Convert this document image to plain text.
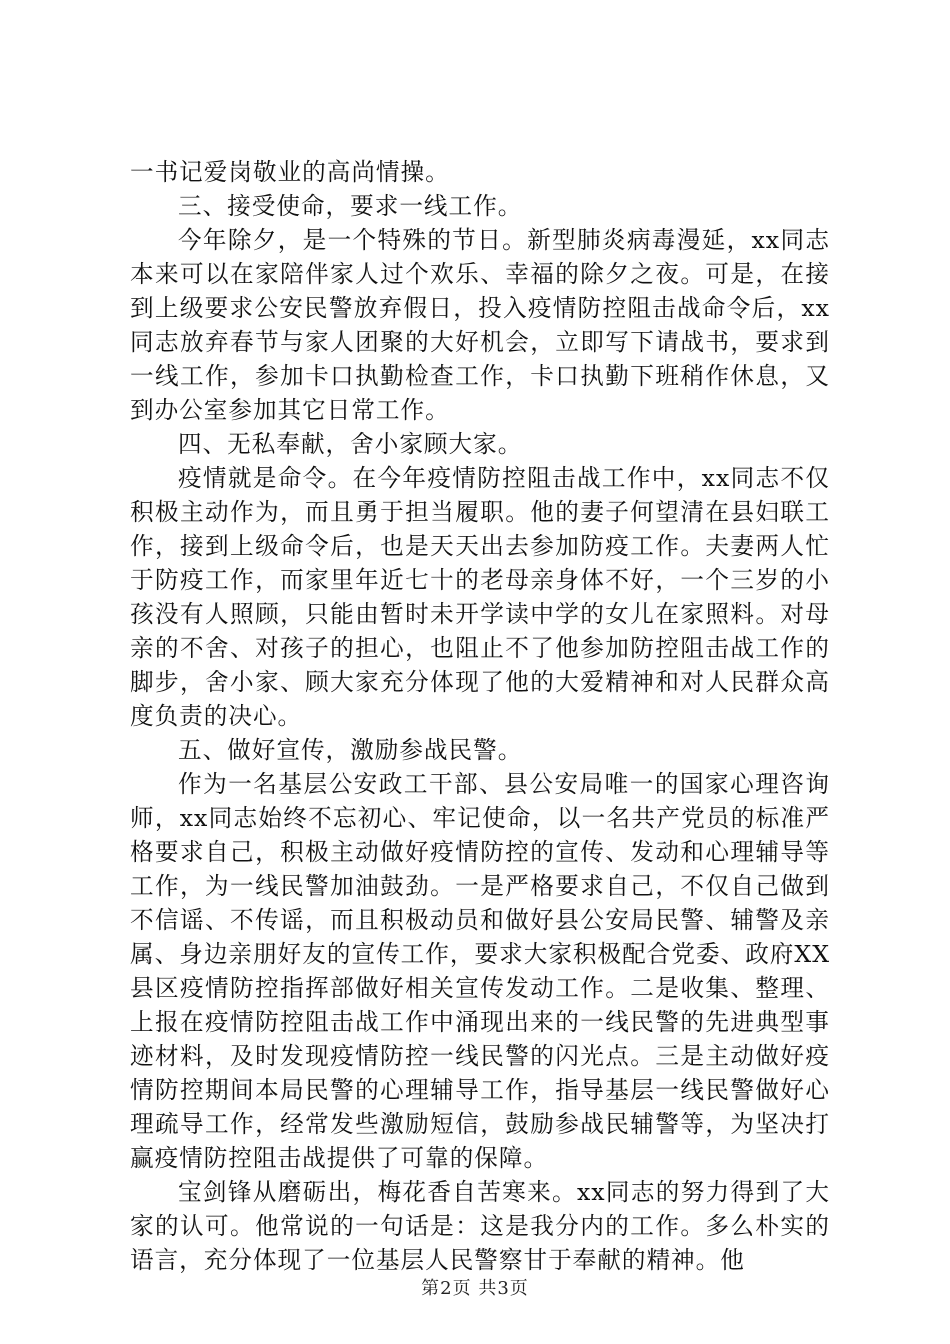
一书记爱岗敬业的高尚情操。

三、接受使命，要求一线工作。

今年除夕，是一个特殊的节日。新型肺炎病毒漫延，xx同志本来可以在家陪伴家人过个欢乐、幸福的除夕之夜。可是，在接到上级要求公安民警放弃假日，投入疫情防控阻击战命令后，xx同志放弃春节与家人团聚的大好机会，立即写下请战书，要求到一线工作，参加卡口执勤检查工作，卡口执勤下班稍作休息，又到办公室参加其它日常工作。

四、无私奉献，舍小家顾大家。

疫情就是命令。在今年疫情防控阻击战工作中，xx同志不仅积极主动作为，而且勇于担当履职。他的妻子何望清在县妇联工作，接到上级命令后，也是天天出去参加防疫工作。夫妻两人忙于防疫工作，而家里年近七十的老母亲身体不好，一个三岁的小孩没有人照顾，只能由暂时未开学读中学的女儿在家照料。对母亲的不舍、对孩子的担心，也阻止不了他参加防控阻击战工作的脚步，舍小家、顾大家充分体现了他的大爱精神和对人民群众高度负责的决心。

五、做好宣传，激励参战民警。

作为一名基层公安政工干部、县公安局唯一的国家心理咨询师，xx同志始终不忘初心、牢记使命，以一名共产党员的标准严格要求自己，积极主动做好疫情防控的宣传、发动和心理辅导等工作，为一线民警加油鼓劲。一是严格要求自己，不仅自己做到不信谣、不传谣，而且积极动员和做好县公安局民警、辅警及亲属、身边亲朋好友的宣传工作，要求大家积极配合党委、政府XX县区疫情防控指挥部做好相关宣传发动工作。二是收集、整理、上报在疫情防控阻击战工作中涌现出来的一线民警的先进典型事迹材料，及时发现疫情防控一线民警的闪光点。三是主动做好疫情防控期间本局民警的心理辅导工作，指导基层一线民警做好心理疏导工作，经常发些激励短信，鼓励参战民辅警等，为坚决打赢疫情防控阻击战提供了可靠的保障。

宝剑锋从磨砺出，梅花香自苦寒来。xx同志的努力得到了大家的认可。他常说的一句话是：这是我分内的工作。多么朴实的语言，充分体现了一位基层人民警察甘于奉献的精神。他

第2页 共3页
